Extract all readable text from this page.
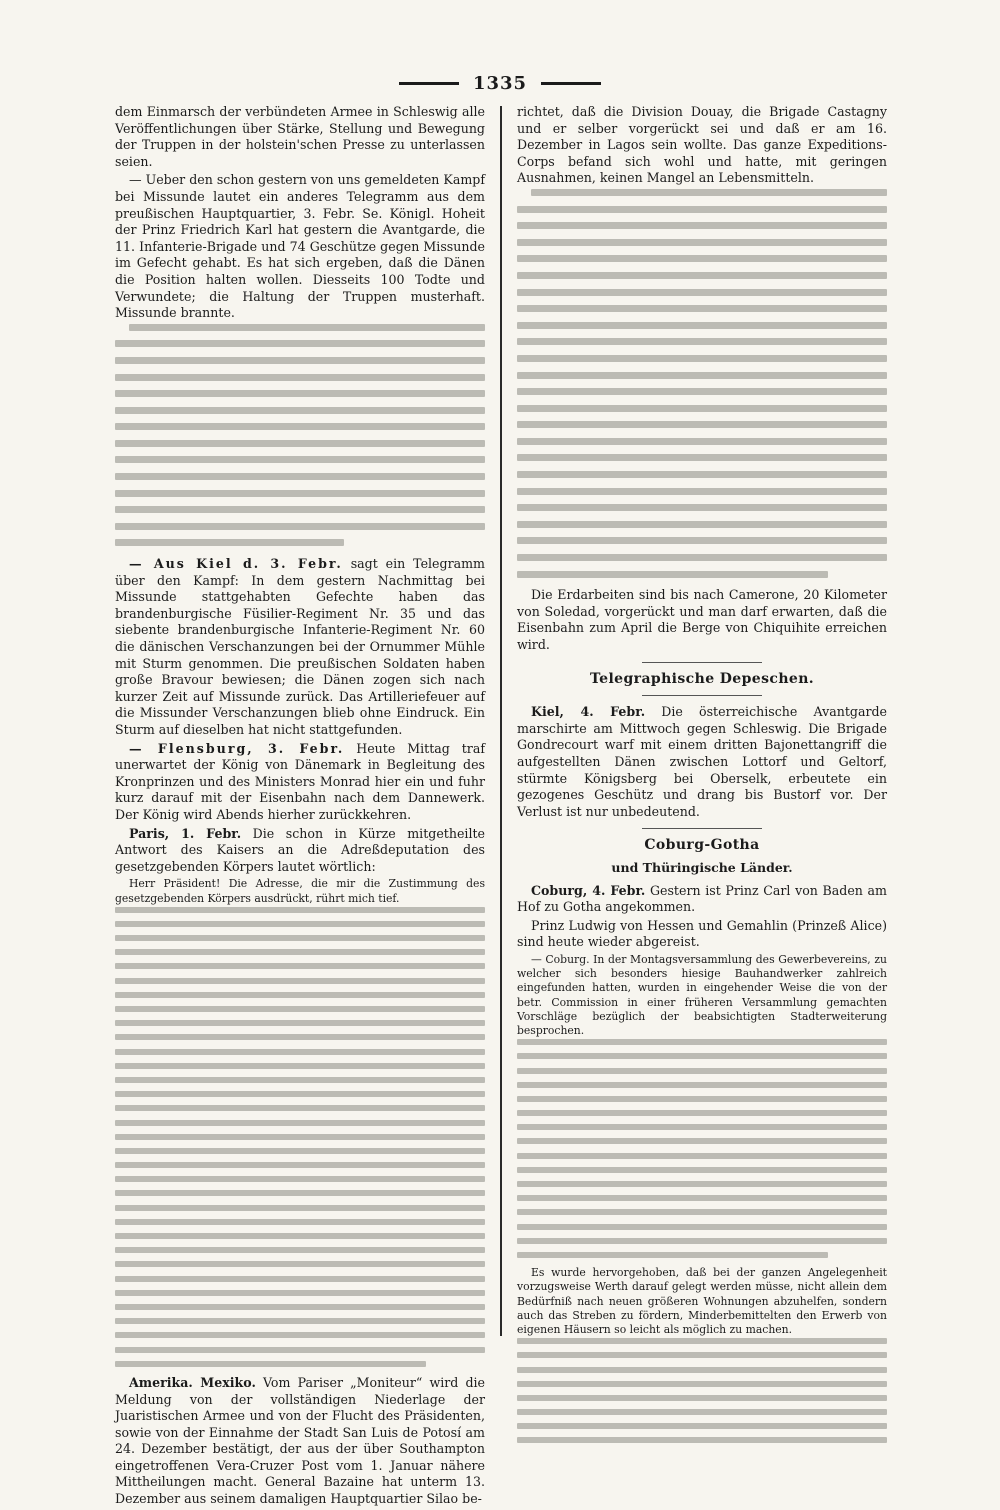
1335

dem Einmarsch der verbündeten Armee in Schleswig alle Veröffentlichungen über Stärke, Stellung und Bewegung der Truppen in der holstein'schen Presse zu unterlassen seien.

— Ueber den schon gestern von uns gemeldeten Kampf bei Missunde lautet ein anderes Telegramm aus dem preußischen Hauptquartier, 3. Febr. Se. Königl. Hoheit der Prinz Friedrich Karl hat gestern die Avantgarde, die 11. Infanterie-Brigade und 74 Geschütze gegen Missunde im Gefecht gehabt. Es hat sich ergeben, daß die Dänen die Position halten wollen. Diesseits 100 Todte und Verwundete; die Haltung der Truppen musterhaft. Missunde brannte.

— Aus Kiel d. 3. Febr. sagt ein Telegramm über den Kampf: In dem gestern Nachmittag bei Missunde stattgehabten Gefechte haben das brandenburgische Füsilier-Regiment Nr. 35 und das siebente brandenburgische Infanterie-Regiment Nr. 60 die dänischen Verschanzungen bei der Ornummer Mühle mit Sturm genommen. Die preußischen Soldaten haben große Bravour bewiesen; die Dänen zogen sich nach kurzer Zeit auf Missunde zurück. Das Artilleriefeuer auf die Missunder Verschanzungen blieb ohne Eindruck. Ein Sturm auf dieselben hat nicht stattgefunden.

— Flensburg, 3. Febr. Heute Mittag traf unerwartet der König von Dänemark in Begleitung des Kronprinzen und des Ministers Monrad hier ein und fuhr kurz darauf mit der Eisenbahn nach dem Dannewerk. Der König wird Abends hierher zurückkehren.

Paris, 1. Febr. Die schon in Kürze mitgetheilte Antwort des Kaisers an die Adreßdeputation des gesetzgebenden Körpers lautet wörtlich:

Herr Präsident! Die Adresse, die mir die Zustimmung des gesetzgebenden Körpers ausdrückt, rührt mich tief.

Amerika. Mexiko. Vom Pariser „Moniteur“ wird die Meldung von der vollständigen Niederlage der Juaristischen Armee und von der Flucht des Präsidenten, sowie von der Einnahme der Stadt San Luis de Potosí am 24. Dezember bestätigt, der aus der über Southampton eingetroffenen Vera-Cruzer Post vom 1. Januar nähere Mittheilungen macht. General Bazaine hat unterm 13. Dezember aus seinem damaligen Hauptquartier Silao be-

richtet, daß die Division Douay, die Brigade Castagny und er selber vorgerückt sei und daß er am 16. Dezember in Lagos sein wollte. Das ganze Expeditions-Corps befand sich wohl und hatte, mit geringen Ausnahmen, keinen Mangel an Lebensmitteln.

Die Erdarbeiten sind bis nach Camerone, 20 Kilometer von Soledad, vorgerückt und man darf erwarten, daß die Eisenbahn zum April die Berge von Chiquihite erreichen wird.

Telegraphische Depeschen.

Kiel, 4. Febr. Die österreichische Avantgarde marschirte am Mittwoch gegen Schleswig. Die Brigade Gondrecourt warf mit einem dritten Bajonettangriff die aufgestellten Dänen zwischen Lottorf und Geltorf, stürmte Königsberg bei Oberselk, erbeutete ein gezogenes Geschütz und drang bis Bustorf vor. Der Verlust ist nur unbedeutend.

Coburg-Gotha
und Thüringische Länder.

Coburg, 4. Febr. Gestern ist Prinz Carl von Baden am Hof zu Gotha angekommen.

Prinz Ludwig von Hessen und Gemahlin (Prinzeß Alice) sind heute wieder abgereist.

— Coburg. In der Montagsversammlung des Gewerbevereins, zu welcher sich besonders hiesige Bauhandwerker zahlreich eingefunden hatten, wurden in eingehender Weise die von der betr. Commission in einer früheren Versammlung gemachten Vorschläge bezüglich der beabsichtigten Stadterweiterung besprochen.

Es wurde hervorgehoben, daß bei der ganzen Angelegenheit vorzugsweise Werth darauf gelegt werden müsse, nicht allein dem Bedürfniß nach neuen größeren Wohnungen abzuhelfen, sondern auch das Streben zu fördern, Minderbemittelten den Erwerb von eigenen Häusern so leicht als möglich zu machen.
